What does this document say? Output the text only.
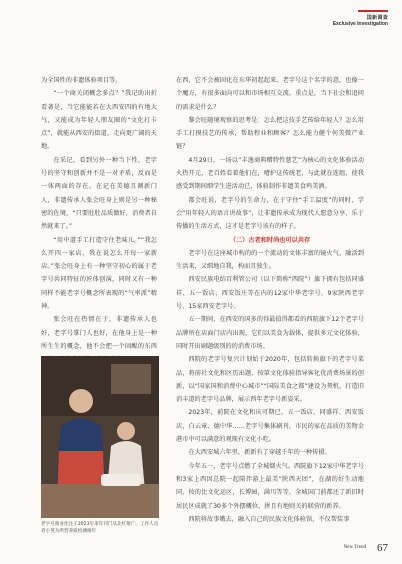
国新调查
Exclusive Investigation

为全国性的非遗体验项目等。

“一个商关闭概念多点？”我记助出折看著是，当它能能若在大西安四的有地大气，又能成为年轻人朋友圈的“文化打卡点”，就能从西安的街道，走向更广阔的天地。

在采记，看到另外一种当下性，老字号的坚守和创新并不是一对矛盾，反而是一体两面的存在。在记在美德且调新门人，非遗传承人张会旺身上则是另一种秘密的佐境，“只要肚肚品质做好，消费者自然就来了。”

“用中道手工打造守住老味儿。”“我怎么开四一家店，我在说怎么开每一家新店。”张会旺身上有一种坚守初心的属于老字号共同特征的匠体创演，同时又有一种同样不能老字号概念所表现的“气率派”精神。

张会旺在热情在于，非遗传承人也好，老字号掌门人也好，在他身上是一种所生生的概念，他不会把一个固醒的东西

老字号商业化注子2023年来年刊门从北红推广，工作人员者小英为所营养质检测格年

在西，它不会被固化在东华初起起来。老字号这个名字的意，也像一个魔方，有很多面向可以和市场相互交流。重点是，当下社会和追问的需求是什么？

黎会旺随境观察的思考是：怎么把这技手艺传给年轻人？怎么用手工打摸技艺的传承，帮助程业和顾客？怎么能力健个何美微产业链？

4月29日，一场以“丰逸商典赠特性慈艺”为核心的文化体验活动火热开元，老百姓看着他们在，嘈护这传统老，与此就在连组，使我感受到期间细学生进活动已，体验制作非遗美食鸡美酒。

都会旺说，老字号的生命力，在于守住“手工温度”的同时，学会“用年轻人的语言讲故事”，让非遗传承成为现代人愿意分享、乐于传播的生活方式，这才是老字号该有的样子。

（二）古老和时尚也可以共存

老字号在这座城市构的的一个流动的文体丰富的镜火气，融活到生活来，又细地自我，构而且独生。

西安民族电结百利管公司（以下简称“西院”）旗下拥有包括同盛祥、五一饭店、西安饭庄等在内的12家中华老字号，9家陕西老字号，15家西安老字号。

五一期间，在西安的国多的得最值得都看的西院旗下12个老字号品牌所在店面门店内出现，它们以美食为载体，提供多元文化体验，同时开出刷题级别的的消费市场。

西院的老字号复兴计划始于2020年，包括转换旗下的老字号菜品，将前社文化和区历出题，按第文化体验指导客化优消费场景的创新，以“国家国和消费中心城市”“国际美食之都”建设为契机，打造旧消丰道的老字号品牌，展示西年老字号新姿采。

2023年，前院在文化和庆可期已，五一饭店、同盛祥、西安饭店，白云章、德中华……老字号集体刷刊，市民的家在品质的美物金港市中可以满意的观现有文化小吃。

在大西安城六年里，新新有了穿越千年的一种传摄。

今年五一，老字号点燃了全城烟火气。西院旗下12家中华老字号和3家上西因总院一起陪伴游上最美“陕西天团”，在湖的好生动地同，按的比文化运区，长博园，满川等等，全城国门前都还了新旧时居民区成就了30多个外摆概位，拼且有地则关的联营的新养。

西院将故事娥去，融入自己的民族文化体验馆，不仅帮装事

New Trend 67
